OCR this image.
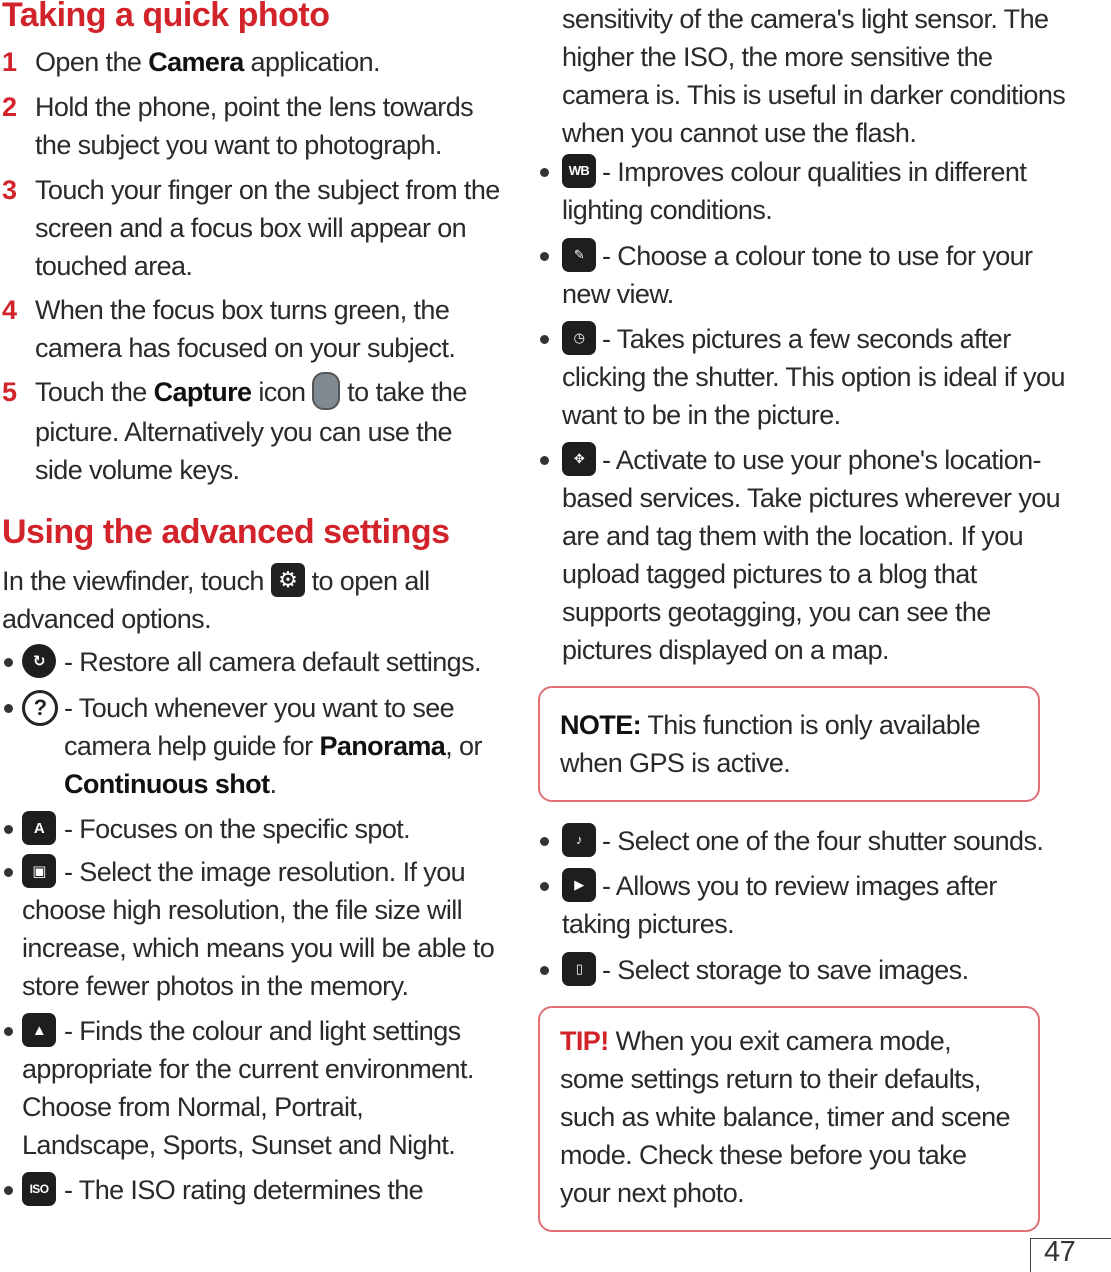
Taking a quick photo
1 Open the Camera application.
2 Hold the phone, point the lens towards the subject you want to photograph.
3 Touch your finger on the subject from the screen and a focus box will appear on touched area.
4 When the focus box turns green, the camera has focused on your subject.
5 Touch the Capture icon  to take the picture. Alternatively you can use the side volume keys.
Using the advanced settings
In the viewfinder, touch ⚙ to open all advanced options.
↻ - Restore all camera default settings.
? - Touch whenever you want to see camera help guide for Panorama, or Continuous shot.
A - Focuses on the specific spot.
▣ - Select the image resolution. If you choose high resolution, the file size will increase, which means you will be able to store fewer photos in the memory.
▲ - Finds the colour and light settings appropriate for the current environment. Choose from Normal, Portrait, Landscape, Sports, Sunset and Night.
ISO - The ISO rating determines the
sensitivity of the camera's light sensor. The higher the ISO, the more sensitive the camera is. This is useful in darker conditions when you cannot use the flash.
WB - Improves colour qualities in different lighting conditions.
✎ - Choose a colour tone to use for your new view.
◷ - Takes pictures a few seconds after clicking the shutter. This option is ideal if you want to be in the picture.
✥ - Activate to use your phone's location-based services. Take pictures wherever you are and tag them with the location. If you upload tagged pictures to a blog that supports geotagging, you can see the pictures displayed on a map.
NOTE: This function is only available when GPS is active.
♪ - Select one of the four shutter sounds.
▶ - Allows you to review images after taking pictures.
▯ - Select storage to save images.
TIP! When you exit camera mode, some settings return to their defaults, such as white balance, timer and scene mode. Check these before you take your next photo.
47
